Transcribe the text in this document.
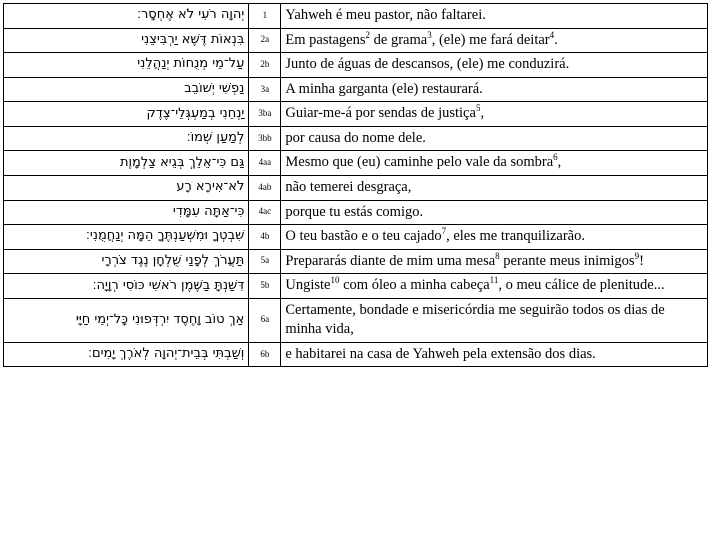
יְהוָה רֹעִי לֹא אֶחְסָר׃	1	Yahweh é meu pastor, não faltarei.
בִּנְאוֹת דֶּשֶׁא יַרְבִּיצֵנִי	2a	Em pastagens$^2$ de grama$^3$, (ele) me fará deitar$^4$.
עַל־מֵי מְנֻחוֹת יְנַהֲלֵנִי	2b	Junto de águas de descansos, (ele) me conduzirá.
נַפְשִׁי יְשׁוֹבֵב	3a	A minha garganta (ele) restaurará.
יַנְחֵנִי בְמַעְגְּלֵי־צֶדֶק	3ba	Guiar-me-á por sendas de justiça$^5$,
לְמַעַן שְׁמוֹ׃	3bb	por causa do nome dele.
גַּם כִּי־אֵלֵךְ בְּגֵיא צַלְמָוֶת	4aa	Mesmo que (eu) caminhe pelo vale da sombra$^6$,
לֹא־אִירָא רָע	4ab	não temerei desgraça,
כִּי־אַתָּה עִמָּדִי	4ac	porque tu estás comigo.
שִׁבְטְךָ וּמִשְׁעַנְתֶּךָ הֵמָּה יְנַחֲמֻנִי׃	4b	O teu bastão e o teu cajado$^7$, eles me tranquilizarão.
תַּעֲרֹךְ לְפָנַי שֻׁלְחָן נֶגֶד צֹרְרָי	5a	Prepararás diante de mim uma mesa$^8$ perante meus inimigos$^9$!
דִּשַּׁנְתָּ בַשֶּׁמֶן רֹאשִׁי כּוֹסִי רְוָיָה׃	5b	Ungiste$^{10}$ com óleo a minha cabeça$^{11}$, o meu cálice de plenitude...
אַךְ טוֹב וָחֶסֶד יִרְדְּפוּנִי כָּל־יְמֵי חַיָּי	6a	Certamente, bondade e misericórdia me seguirão todos os dias de minha vida,
וְשַׁבְתִּי בְּבֵית־יְהוָה לְאֹרֶךְ יָמִים׃	6b	e habitarei na casa de Yahweh pela extensão dos dias.
